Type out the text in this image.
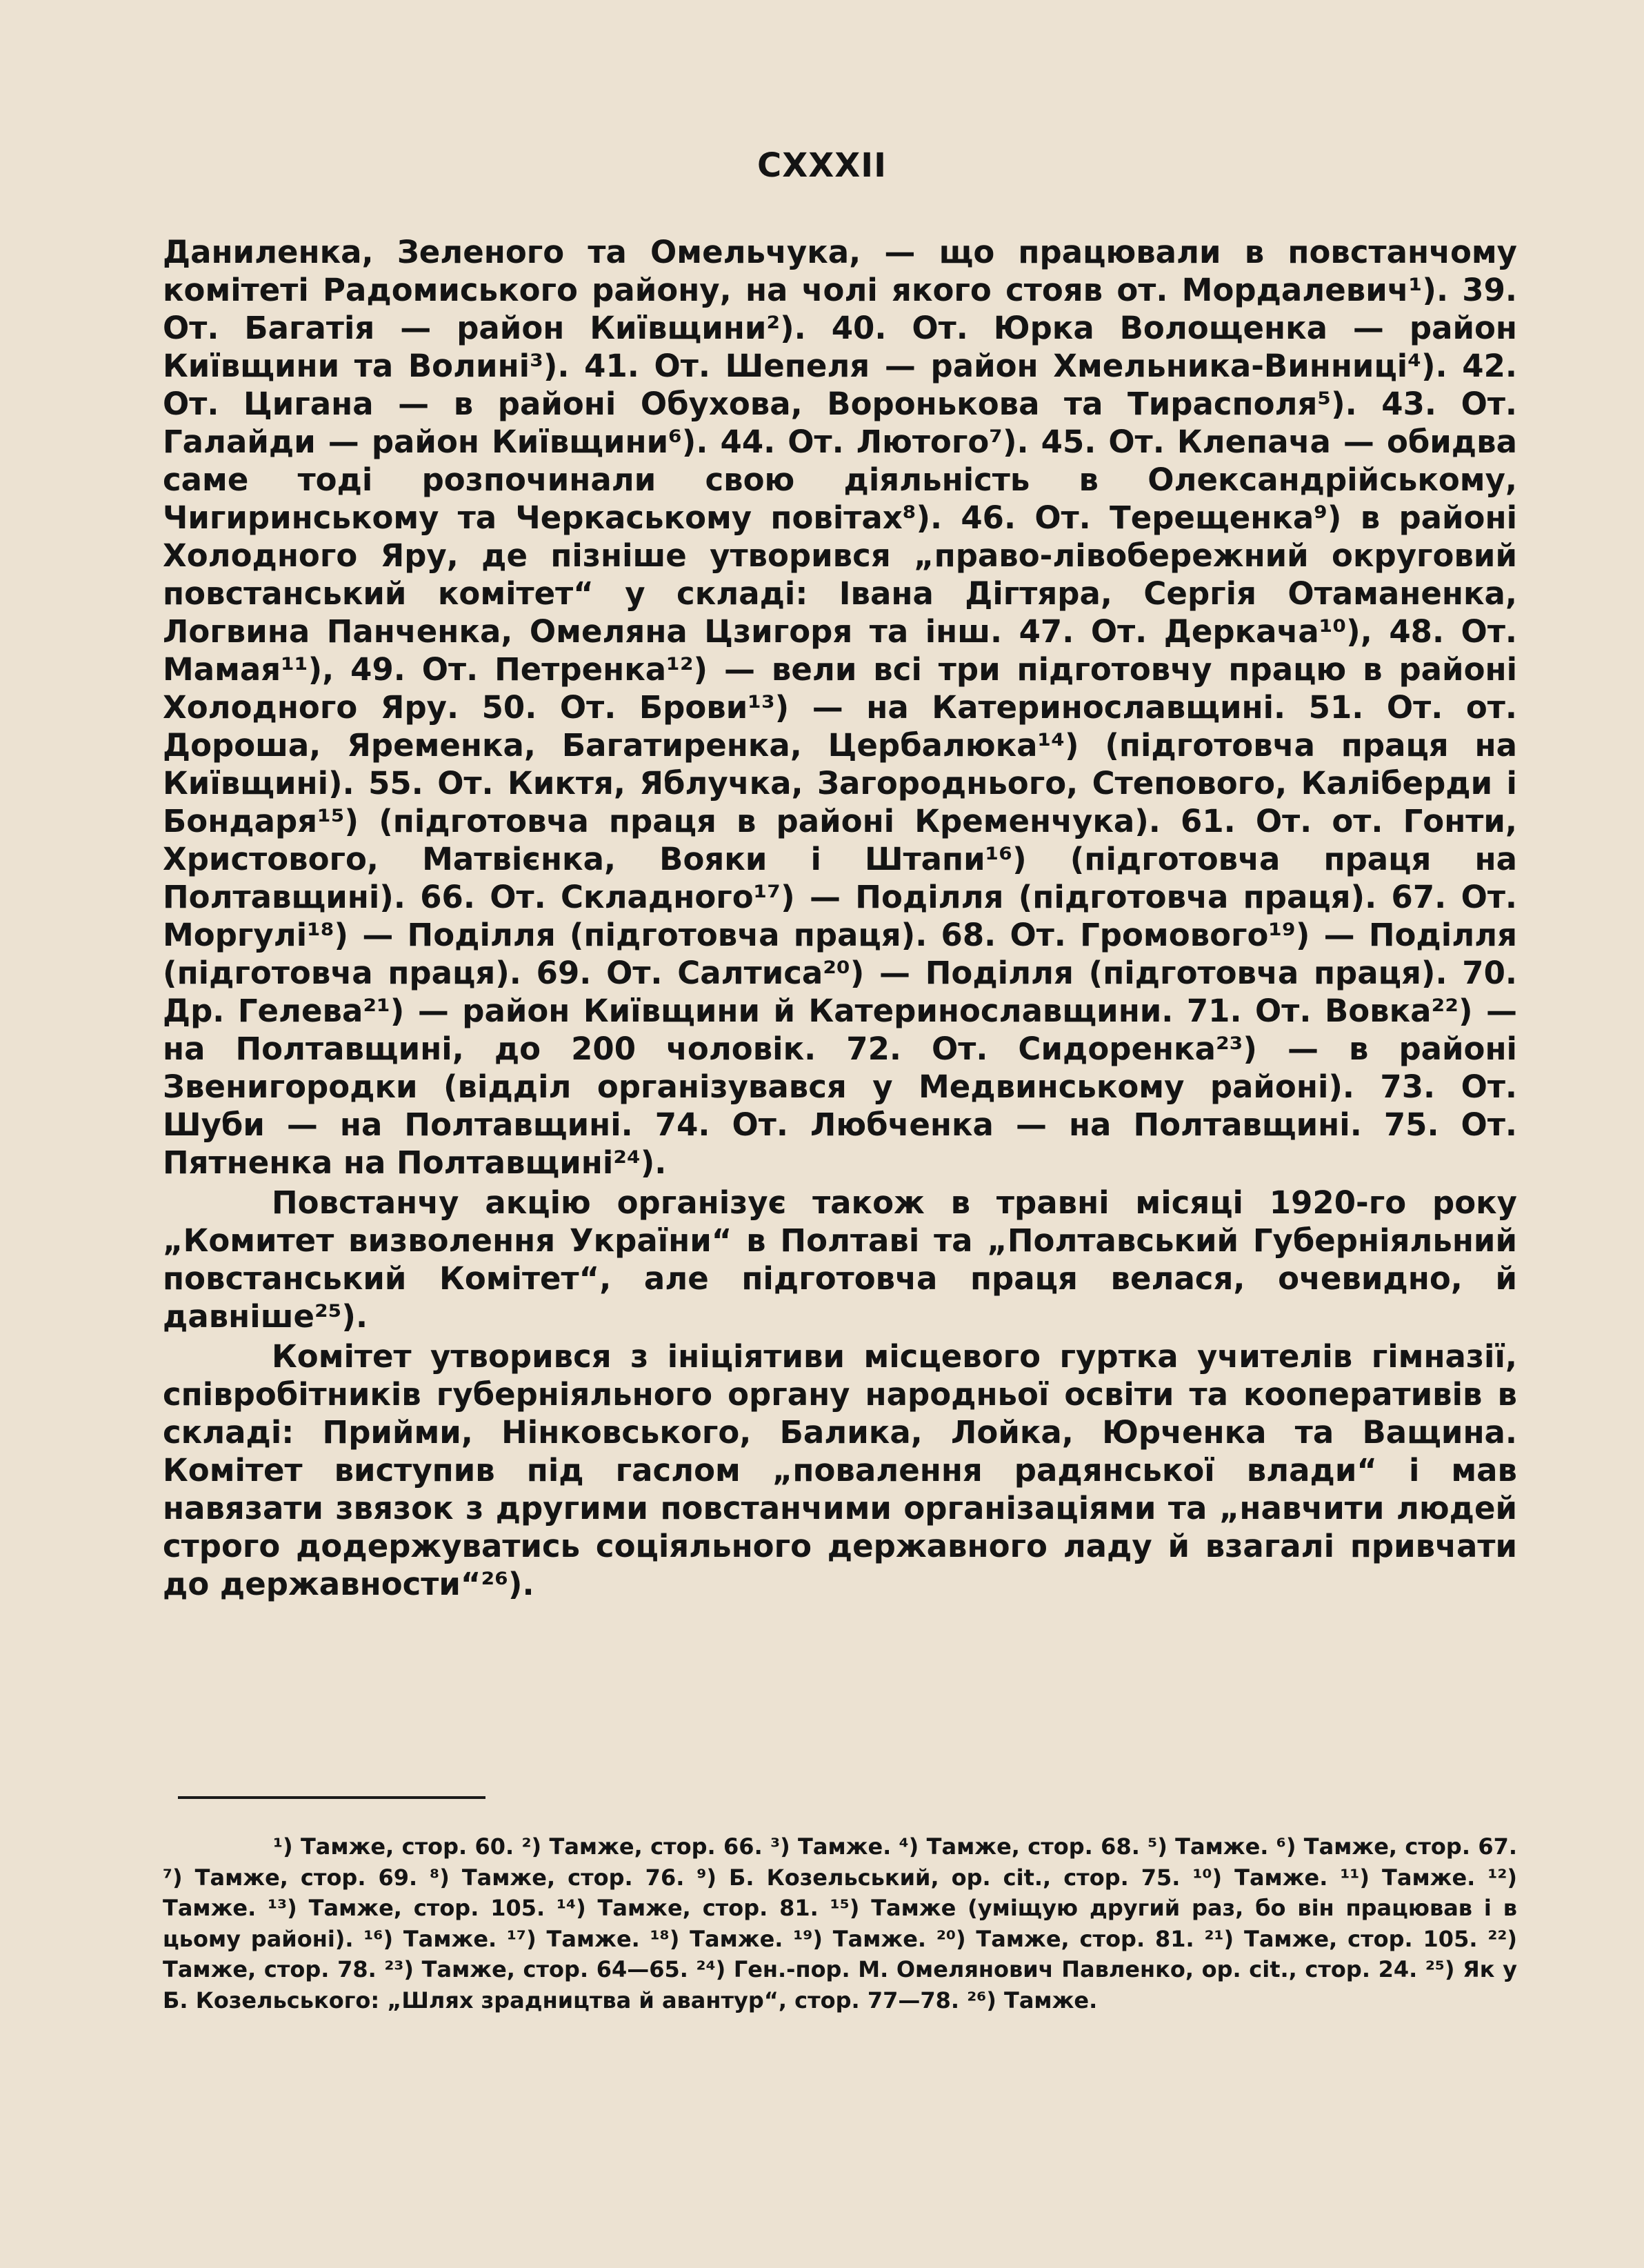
CXXXII

Даниленка, Зеленого та Омельчука, — що працювали в повстанчому комітеті Радомиського району, на чолі якого стояв от. Мордалевич¹). 39. От. Багатія — район Київщини²). 40. От. Юрка Волощенка — район Київщини та Волині³). 41. От. Шепеля — район Хмельника-Винниці⁴). 42. От. Цигана — в районі Обухова, Воронькова та Тирасполя⁵). 43. От. Галайди — район Київщини⁶). 44. От. Лютого⁷). 45. От. Клепача — обидва саме тоді розпочинали свою діяльність в Олександрійському, Чигиринському та Черкаському повітах⁸). 46. От. Терещенка⁹) в районі Холодного Яру, де пізніше утворився „право-лівобережний округовий повстанський комітет“ у складі: Івана Дігтяра, Сергія Отаманенка, Логвина Панченка, Омеляна Цзигоря та інш. 47. От. Деркача¹⁰), 48. От. Мамая¹¹), 49. От. Петренка¹²) — вели всі три підготовчу працю в районі Холодного Яру. 50. От. Брови¹³) — на Катеринославщині. 51. От. от. Дороша, Яременка, Багатиренка, Цербалюка¹⁴) (підготовча праця на Київщині). 55. От. Киктя, Яблучка, Загороднього, Степового, Каліберди і Бондаря¹⁵) (підготовча праця в районі Кременчука). 61. От. от. Гонти, Христового, Матвієнка, Вояки і Штапи¹⁶) (підготовча праця на Полтавщині). 66. От. Складного¹⁷) — Поділля (підготовча праця). 67. От. Моргулі¹⁸) — Поділля (підготовча праця). 68. От. Громового¹⁹) — Поділля (підготовча праця). 69. От. Салтиса²⁰) — Поділля (підготовча праця). 70. Др. Гелева²¹) — район Київщини й Катеринославщини. 71. От. Вовка²²) — на Полтавщині, до 200 чоловік. 72. От. Сидоренка²³) — в районі Звенигородки (відділ організувався у Медвинському районі). 73. От. Шуби — на Полтавщині. 74. От. Любченка — на Полтавщині. 75. От. Пятненка на Полтавщині²⁴).

Повстанчу акцію організує також в травні місяці 1920-го року „Комитет визволення України“ в Полтаві та „Полтавський Губерніяльний повстанський Комітет“, але підготовча праця велася, очевидно, й давніше²⁵).

Комітет утворився з ініціятиви місцевого гуртка учителів гімназії, співробітників губерніяльного органу народньої освіти та кооперативів в складі: Прийми, Нінковського, Балика, Лойка, Юрченка та Ващина. Комітет виступив під гаслом „повалення радянської влади“ і мав навязати звязок з другими повстанчими організаціями та „навчити людей строго додержуватись соціяльного державного ладу й взагалі привчати до державности“²⁶).

¹) Тамже, стор. 60. ²) Тамже, стор. 66. ³) Тамже. ⁴) Тамже, стор. 68. ⁵) Тамже. ⁶) Тамже, стор. 67. ⁷) Тамже, стор. 69. ⁸) Тамже, стор. 76. ⁹) Б. Козельський, op. cit., стор. 75. ¹⁰) Тамже. ¹¹) Тамже. ¹²) Тамже. ¹³) Тамже, стор. 105. ¹⁴) Тамже, стор. 81. ¹⁵) Тамже (уміщую другий раз, бо він працював і в цьому районі). ¹⁶) Тамже. ¹⁷) Тамже. ¹⁸) Тамже. ¹⁹) Тамже. ²⁰) Тамже, стор. 81. ²¹) Тамже, стор. 105. ²²) Тамже, стор. 78. ²³) Тамже, стор. 64—65. ²⁴) Ген.-пор. М. Омелянович Павленко, op. cit., стор. 24. ²⁵) Як у Б. Козельського: „Шлях зрадництва й авантур“, стор. 77—78. ²⁶) Тамже.
